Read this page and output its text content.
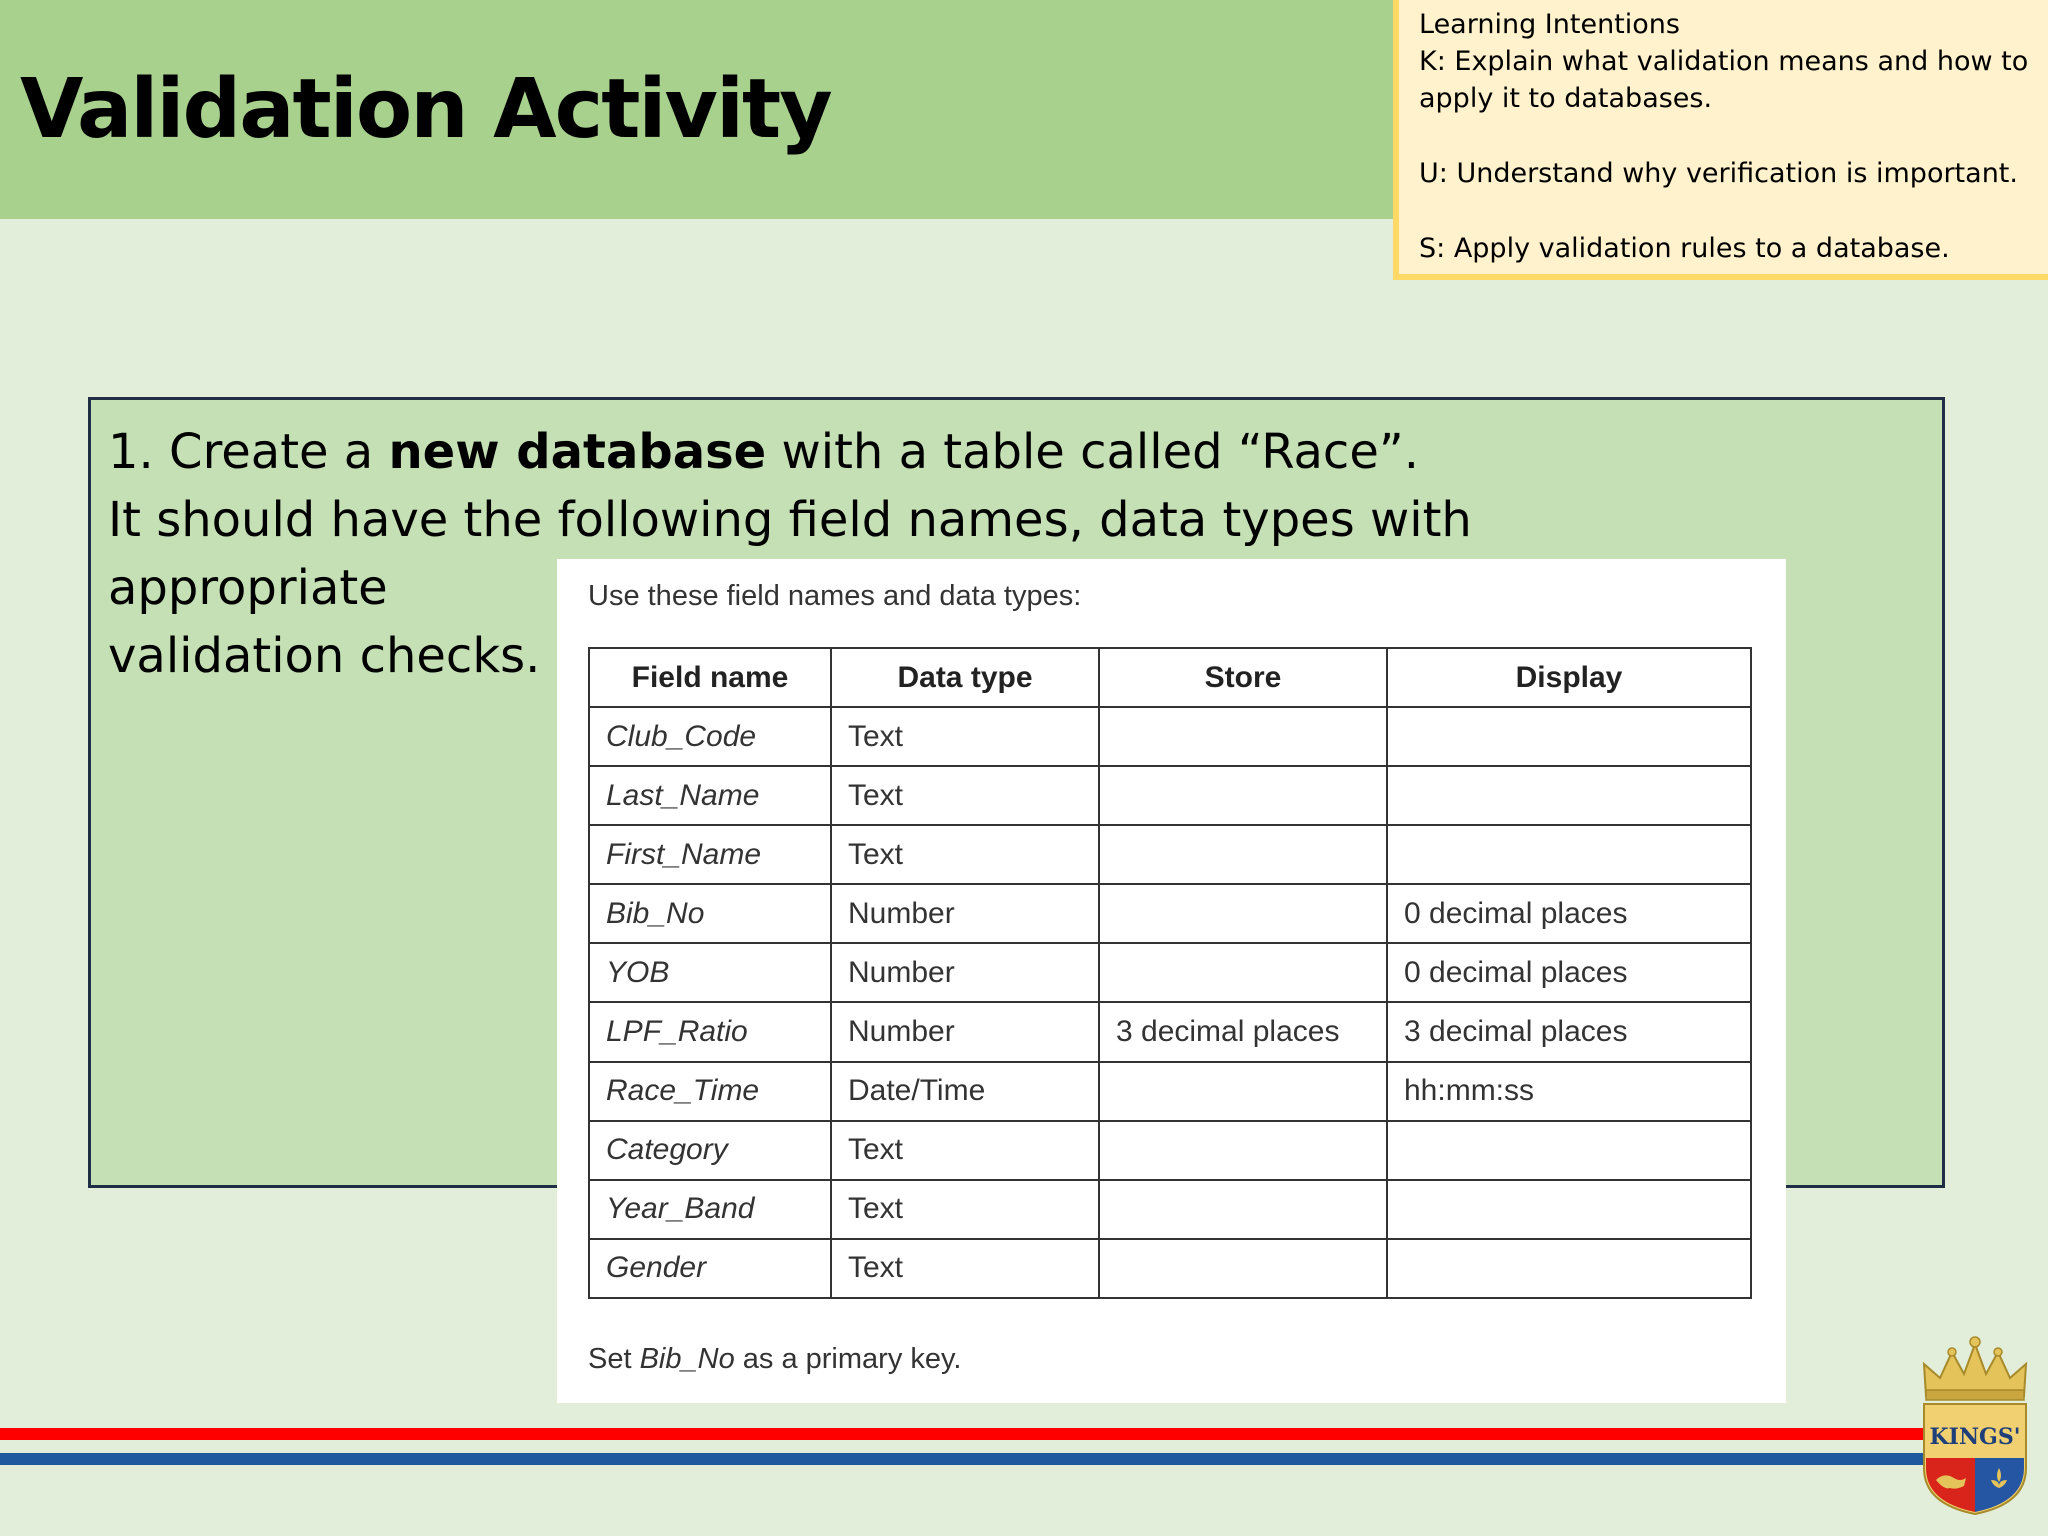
Validation Activity
Learning Intentions
K: Explain what validation means and how to
apply it to databases.
U: Understand why verification is important.
S: Apply validation rules to a database.
1. Create a new database with a table called “Race”.
It should have the following field names, data types with appropriate
validation checks.
Use these field names and data types:
Field name	Data type	Store	Display
Club_Code	Text		
Last_Name	Text		
First_Name	Text		
Bib_No	Number		0 decimal places
YOB	Number		0 decimal places
LPF_Ratio	Number	3 decimal places	3 decimal places
Race_Time	Date/Time		hh:mm:ss
Category	Text		
Year_Band	Text		
Gender	Text		
Set Bib_No as a primary key.
KINGS'
